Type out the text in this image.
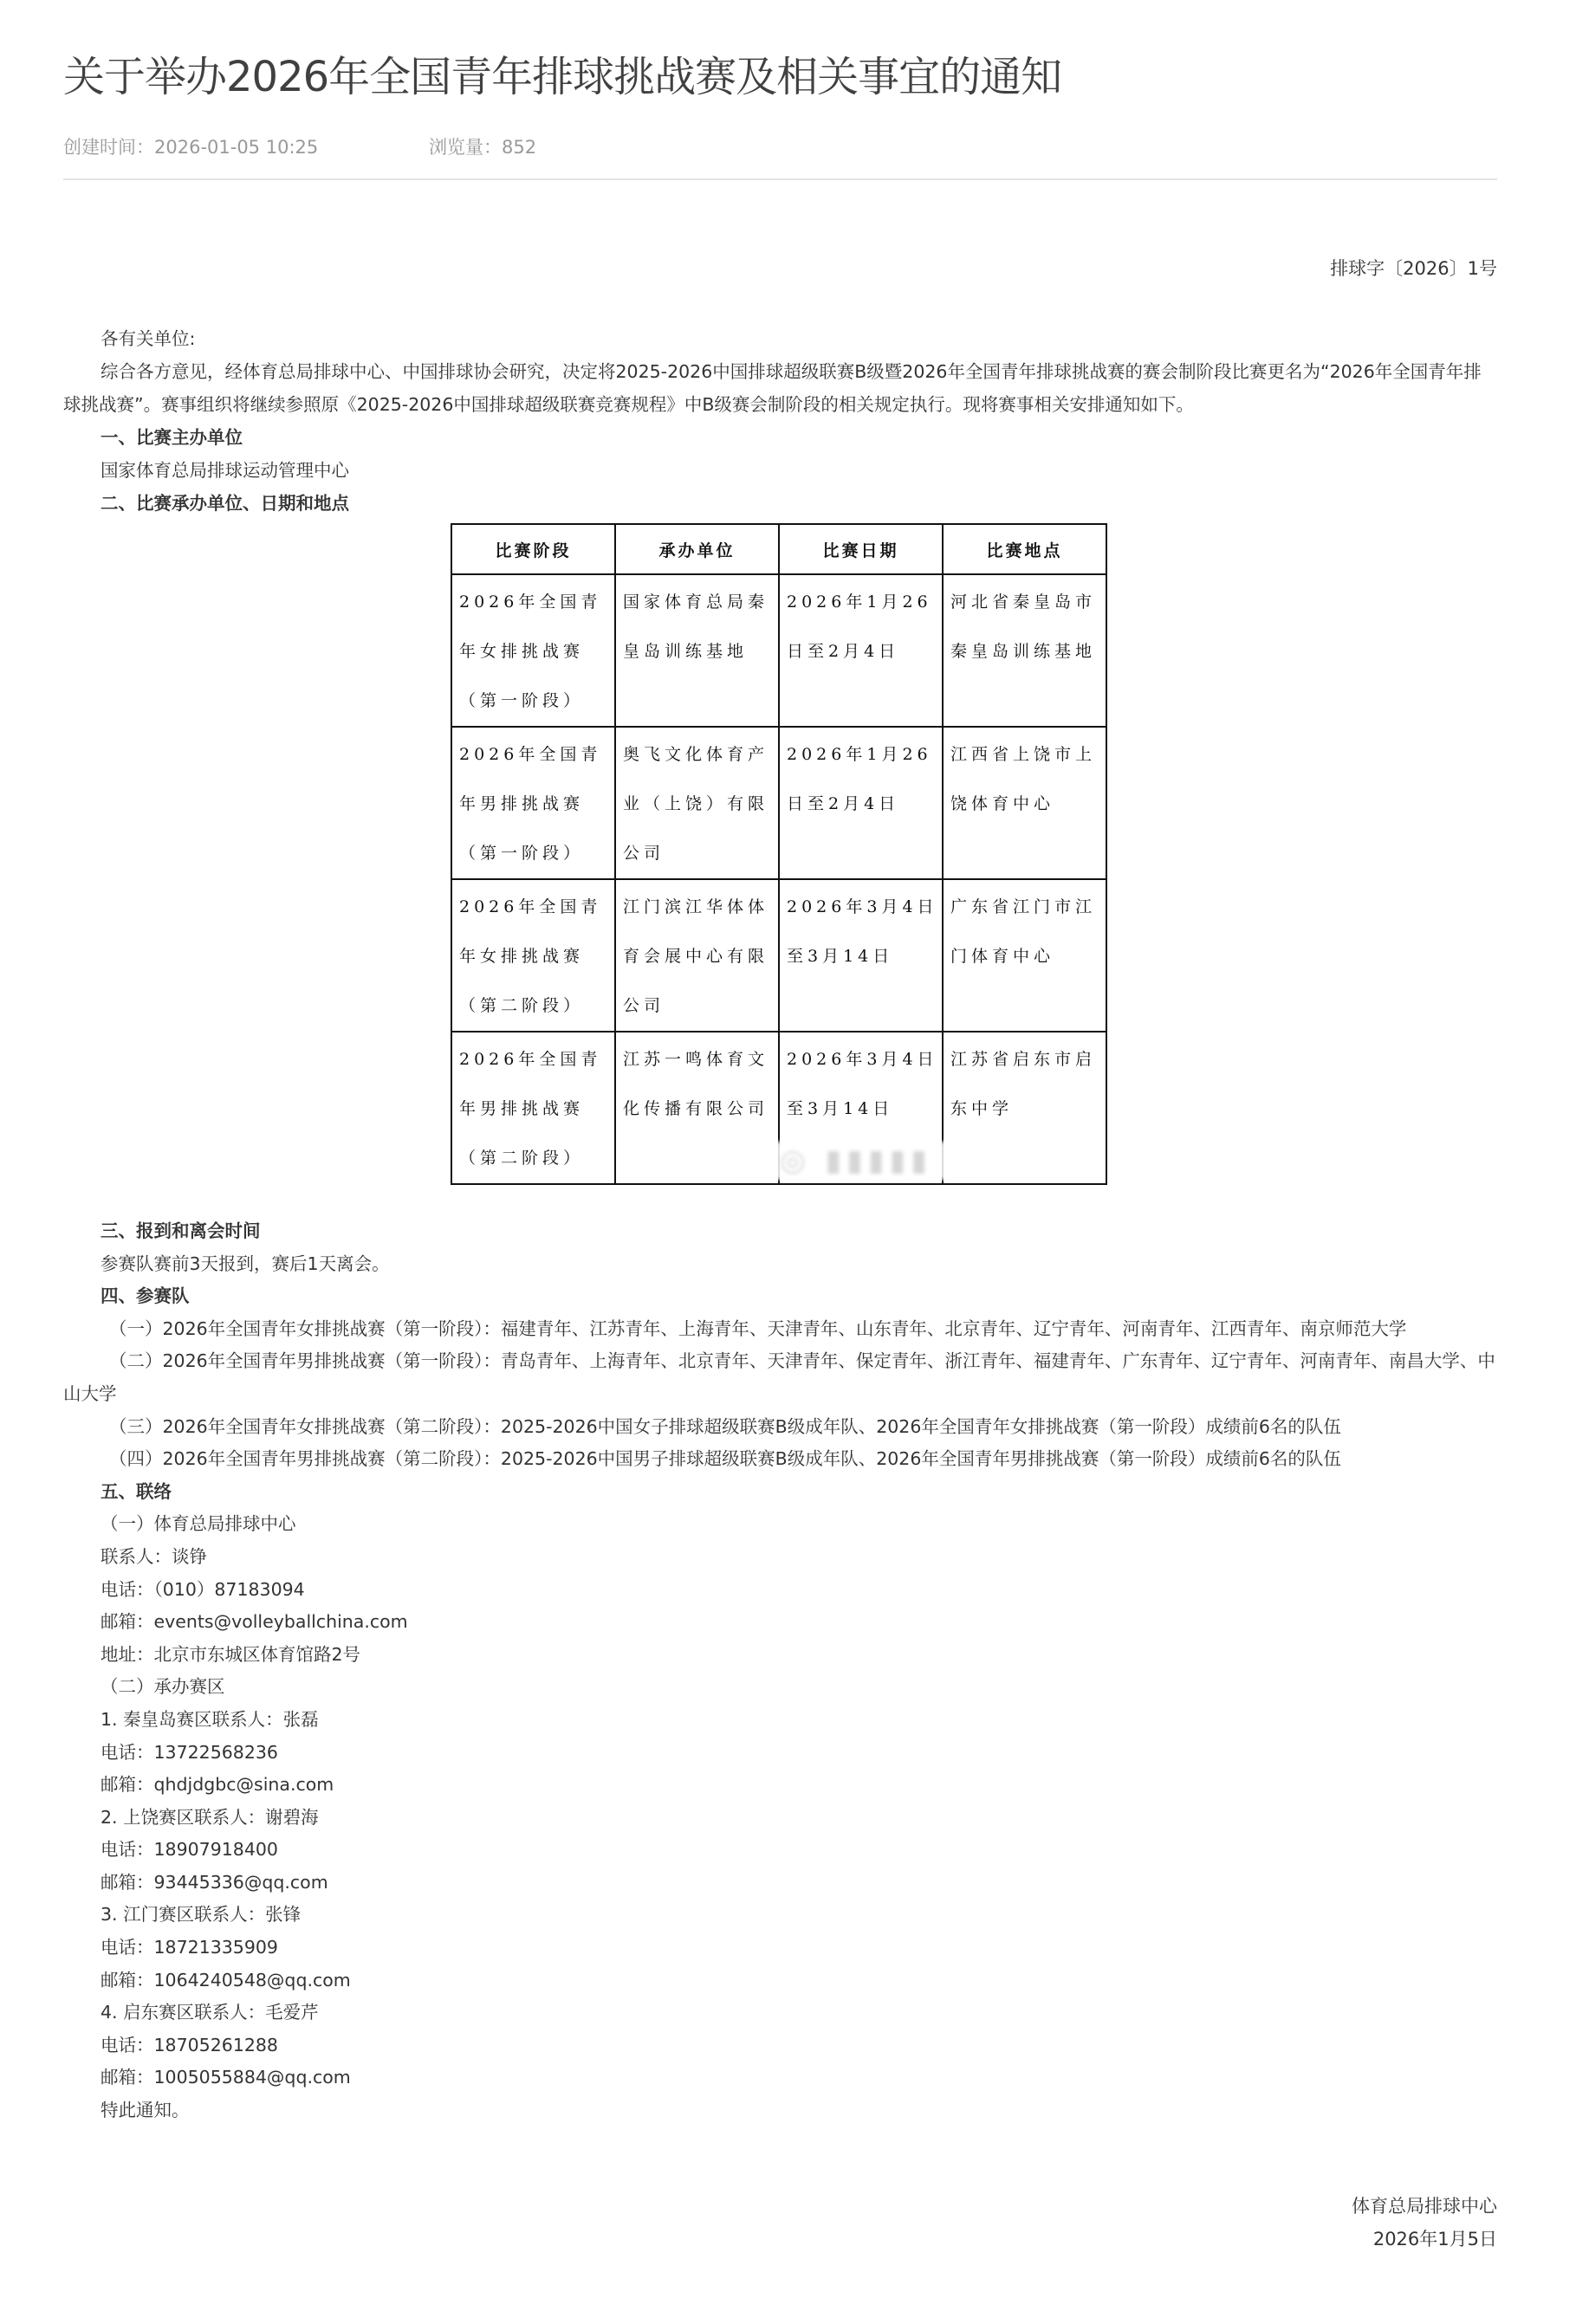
关于举办2026年全国青年排球挑战赛及相关事宜的通知
创建时间：2026-01-05 10:25	浏览量：852
排球字〔2026〕1号

各有关单位:

综合各方意见，经体育总局排球中心、中国排球协会研究，决定将2025-2026中国排球超级联赛B级暨2026年全国青年排球挑战赛的赛会制阶段比赛更名为“2026年全国青年排球挑战赛”。赛事组织将继续参照原《2025-2026中国排球超级联赛竞赛规程》中B级赛会制阶段的相关规定执行。现将赛事相关安排通知如下。

一、比赛主办单位

国家体育总局排球运动管理中心

二、比赛承办单位、日期和地点

比赛阶段	承办单位	比赛日期	比赛地点
2026年全国青年女排挑战赛（第一阶段）	国家体育总局秦皇岛训练基地	2026年1月26日至2月4日	河北省秦皇岛市秦皇岛训练基地
2026年全国青年男排挑战赛（第一阶段）	奥飞文化体育产业（上饶）有限公司	2026年1月26日至2月4日	江西省上饶市上饶体育中心
2026年全国青年女排挑战赛（第二阶段）	江门滨江华体体育会展中心有限公司	2026年3月4日至3月14日	广东省江门市江门体育中心
2026年全国青年男排挑战赛（第二阶段）	江苏一鸣体育文化传播有限公司	2026年3月4日至3月14日	江苏省启东市启东中学
◎ ▮▮▮▮▮

三、报到和离会时间

参赛队赛前3天报到，赛后1天离会。

四、参赛队

（一）2026年全国青年女排挑战赛（第一阶段）：福建青年、江苏青年、上海青年、天津青年、山东青年、北京青年、辽宁青年、河南青年、江西青年、南京师范大学

（二）2026年全国青年男排挑战赛（第一阶段）：青岛青年、上海青年、北京青年、天津青年、保定青年、浙江青年、福建青年、广东青年、辽宁青年、河南青年、南昌大学、中山大学

（三）2026年全国青年女排挑战赛（第二阶段）：2025-2026中国女子排球超级联赛B级成年队、2026年全国青年女排挑战赛（第一阶段）成绩前6名的队伍

（四）2026年全国青年男排挑战赛（第二阶段）：2025-2026中国男子排球超级联赛B级成年队、2026年全国青年男排挑战赛（第一阶段）成绩前6名的队伍

五、联络

（一）体育总局排球中心

联系人：谈铮

电话：（010）87183094

邮箱：events@volleyballchina.com

地址：北京市东城区体育馆路2号

（二）承办赛区

1. 秦皇岛赛区联系人：张磊

电话：13722568236

邮箱：qhdjdgbc@sina.com

2. 上饶赛区联系人：谢碧海

电话：18907918400

邮箱：93445336@qq.com

3. 江门赛区联系人：张锋

电话：18721335909

邮箱：1064240548@qq.com

4. 启东赛区联系人：毛爱芹

电话：18705261288

邮箱：1005055884@qq.com

特此通知。

体育总局排球中心
2026年1月5日
